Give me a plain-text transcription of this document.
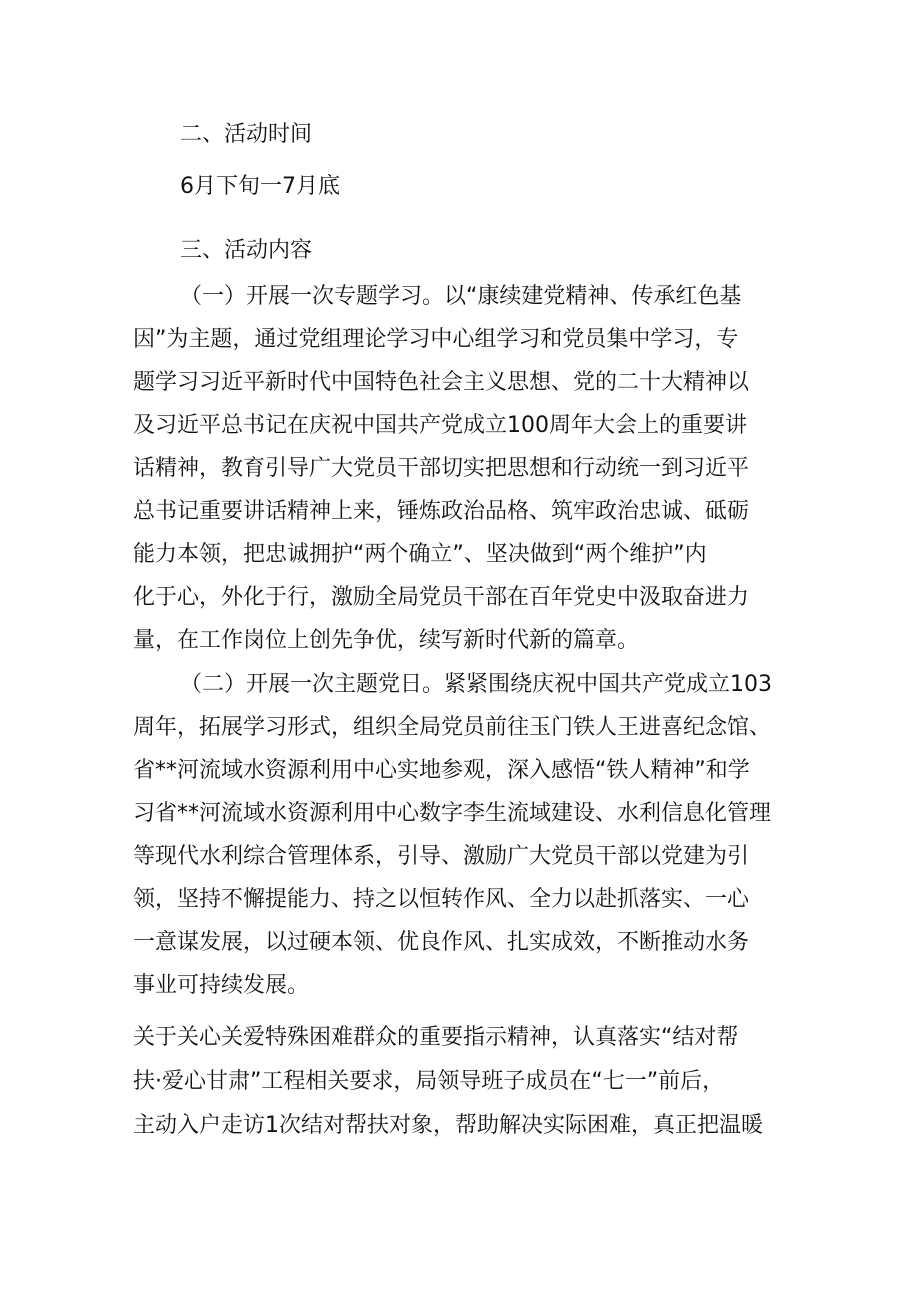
二、活动时间
6月下旬一7月底
三、活动内容
（一）开展一次专题学习。以“康续建党精神、传承红色基
因”为主题，通过党组理论学习中心组学习和党员集中学习，专
题学习习近平新时代中国特色社会主义思想、党的二十大精神以
及习近平总书记在庆祝中国共产党成立100周年大会上的重要讲
话精神，教育引导广大党员干部切实把思想和行动统一到习近平
总书记重要讲话精神上来，锤炼政治品格、筑牢政治忠诚、砥砺
能力本领，把忠诚拥护“两个确立”、坚决做到“两个维护”内
化于心，外化于行，激励全局党员干部在百年党史中汲取奋进力
量，在工作岗位上创先争优，续写新时代新的篇章。
（二）开展一次主题党日。紧紧围绕庆祝中国共产党成立103
周年，拓展学习形式，组织全局党员前往玉门铁人王进喜纪念馆、
省**河流域水资源利用中心实地参观，深入感悟“铁人精神”和学
习省**河流域水资源利用中心数字李生流域建设、水利信息化管理
等现代水利综合管理体系，引导、激励广大党员干部以党建为引
领，坚持不懈提能力、持之以恒转作风、全力以赴抓落实、一心
一意谋发展，以过硬本领、优良作风、扎实成效，不断推动水务
事业可持续发展。
关于关心关爱特殊困难群众的重要指示精神，认真落实“结对帮
扶·爱心甘肃”工程相关要求，局领导班子成员在“七一”前后，
主动入户走访1次结对帮扶对象，帮助解决实际困难，真正把温暖
